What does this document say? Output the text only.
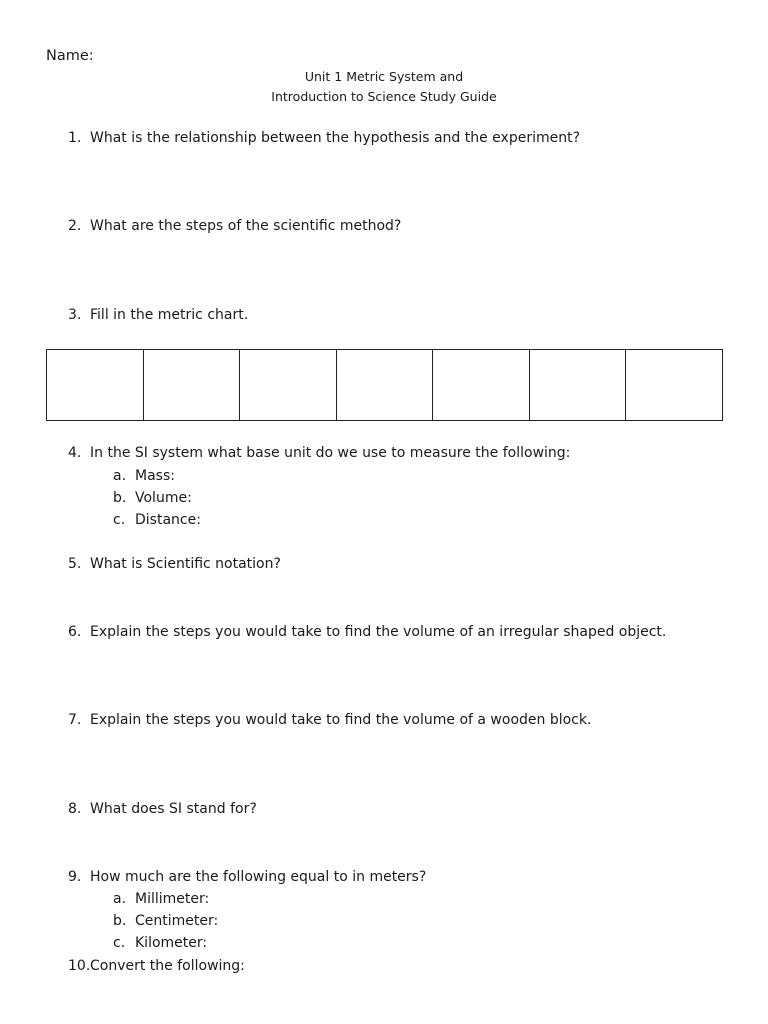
Name:
Unit 1 Metric System and
Introduction to Science Study Guide
1. What is the relationship between the hypothesis and the experiment?
2. What are the steps of the scientific method?
3. Fill in the metric chart.

4. In the SI system what base unit do we use to measure the following:
a. Mass:
b. Volume:
c. Distance:
5. What is Scientific notation?
6. Explain the steps you would take to find the volume of an irregular shaped object.
7. Explain the steps you would take to find the volume of a wooden block.
8. What does SI stand for?
9. How much are the following equal to in meters?
a. Millimeter:
b. Centimeter:
c. Kilometer:
10. Convert the following:
